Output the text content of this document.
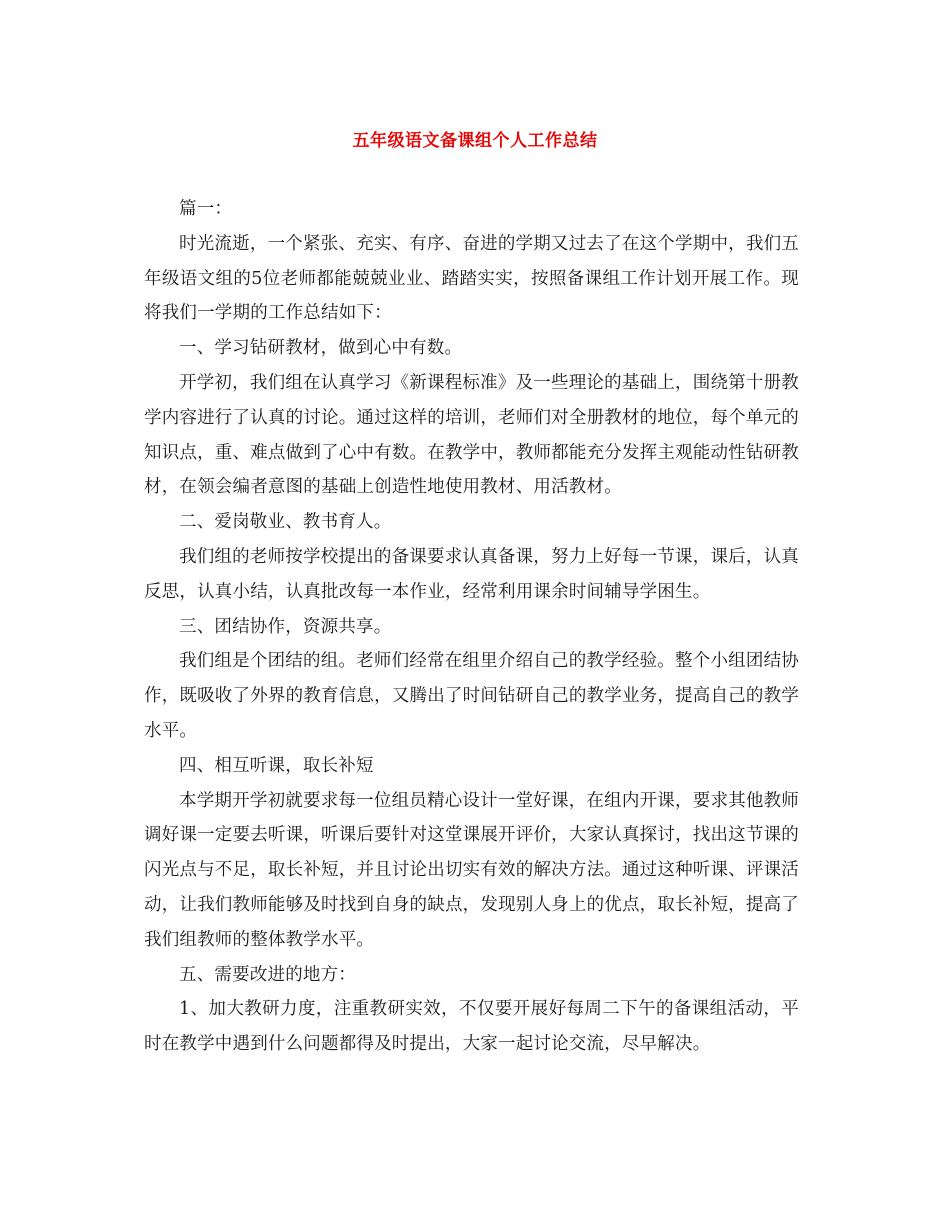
五年级语文备课组个人工作总结

篇一：

时光流逝，一个紧张、充实、有序、奋进的学期又过去了在这个学期中，我们五年级语文组的5位老师都能兢兢业业、踏踏实实，按照备课组工作计划开展工作。现将我们一学期的工作总结如下：

一、学习钻研教材，做到心中有数。

开学初，我们组在认真学习《新课程标准》及一些理论的基础上，围绕第十册教学内容进行了认真的讨论。通过这样的培训，老师们对全册教材的地位，每个单元的知识点，重、难点做到了心中有数。在教学中，教师都能充分发挥主观能动性钻研教材，在领会编者意图的基础上创造性地使用教材、用活教材。

二、爱岗敬业、教书育人。

我们组的老师按学校提出的备课要求认真备课，努力上好每一节课，课后，认真反思，认真小结，认真批改每一本作业，经常利用课余时间辅导学困生。

三、团结协作，资源共享。

我们组是个团结的组。老师们经常在组里介绍自己的教学经验。整个小组团结协作，既吸收了外界的教育信息，又腾出了时间钻研自己的教学业务，提高自己的教学水平。

四、相互听课，取长补短

本学期开学初就要求每一位组员精心设计一堂好课，在组内开课，要求其他教师调好课一定要去听课，听课后要针对这堂课展开评价，大家认真探讨，找出这节课的闪光点与不足，取长补短，并且讨论出切实有效的解决方法。通过这种听课、评课活动，让我们教师能够及时找到自身的缺点，发现别人身上的优点，取长补短，提高了我们组教师的整体教学水平。

五、需要改进的地方：

1、加大教研力度，注重教研实效，不仅要开展好每周二下午的备课组活动，平时在教学中遇到什么问题都得及时提出，大家一起讨论交流，尽早解决。
